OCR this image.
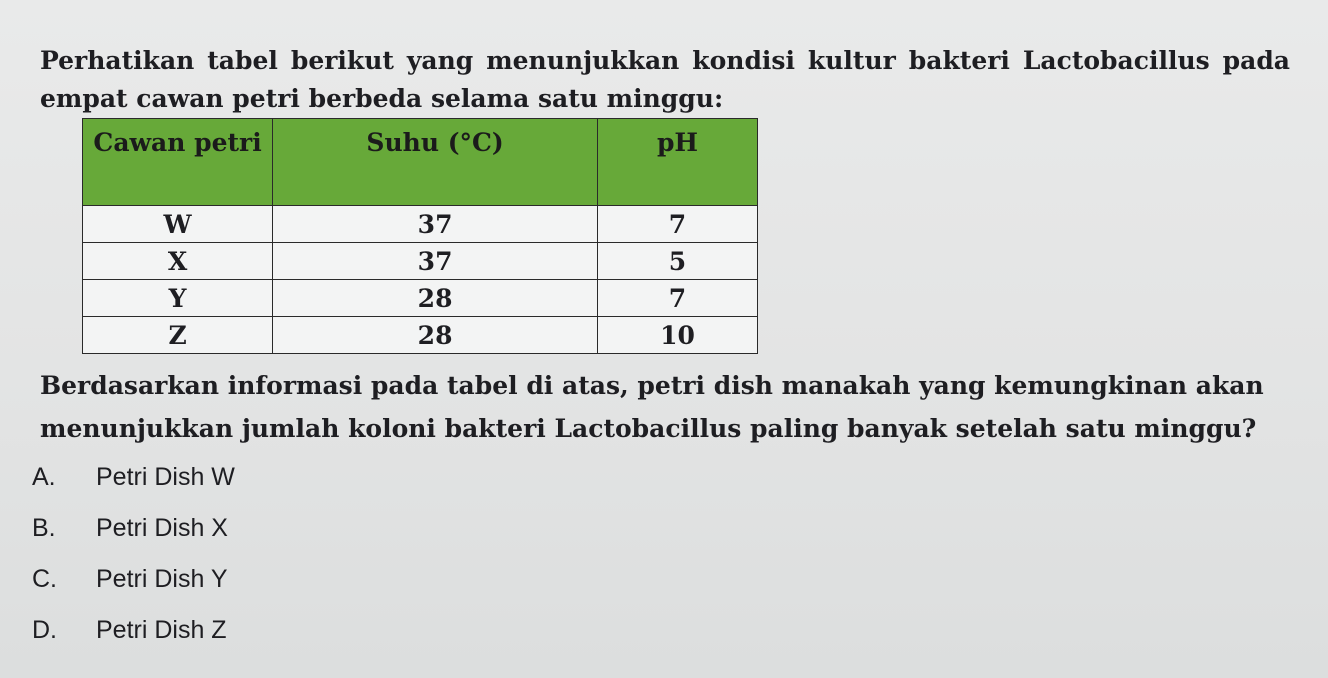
Perhatikan tabel berikut yang menunjukkan kondisi kultur bakteri Lactobacillus pada
empat cawan petri berbeda selama satu minggu:
Cawan petri	Suhu (°C)	pH
W	37	7
X	37	5
Y	28	7
Z	28	10
Berdasarkan informasi pada tabel di atas, petri dish manakah yang kemungkinan akan
menunjukkan jumlah koloni bakteri Lactobacillus paling banyak setelah satu minggu?
A.	Petri Dish W
B.	Petri Dish X
C.	Petri Dish Y
D.	Petri Dish Z
